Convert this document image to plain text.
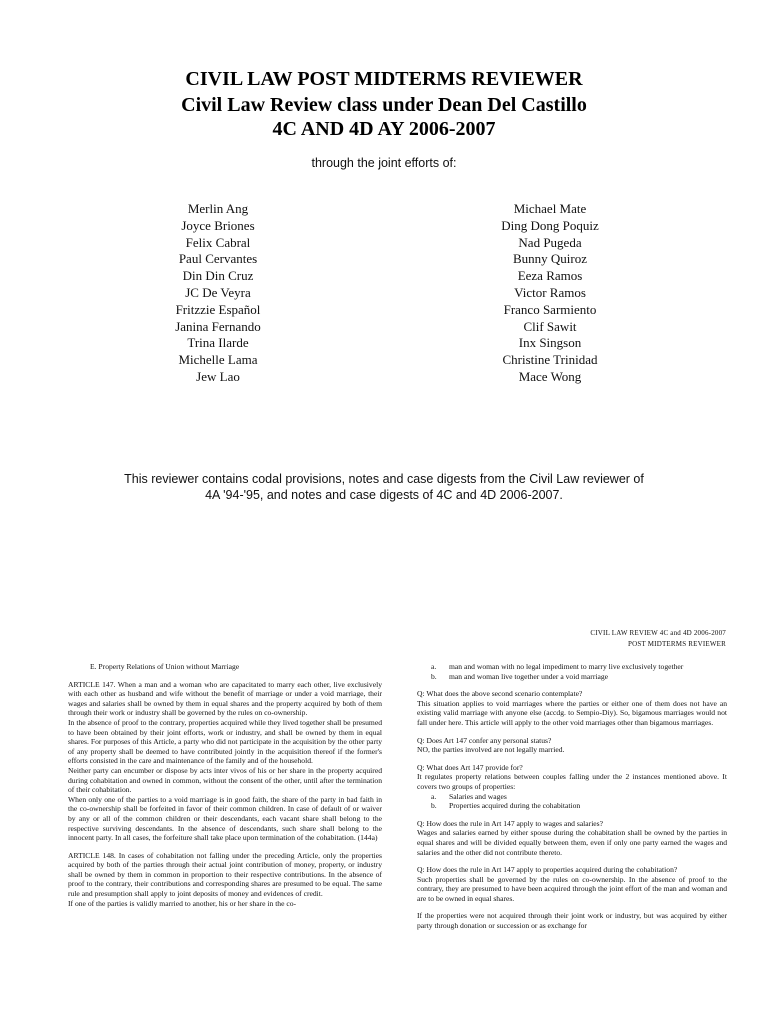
CIVIL LAW POST MIDTERMS REVIEWER
Civil Law Review class under Dean Del Castillo
4C AND 4D AY 2006-2007
through the joint efforts of:
Merlin Ang
Joyce Briones
Felix Cabral
Paul Cervantes
Din Din Cruz
JC De Veyra
Fritzzie Español
Janina Fernando
Trina Ilarde
Michelle Lama
Jew Lao
Michael Mate
Ding Dong Poquiz
Nad Pugeda
Bunny Quiroz
Eeza Ramos
Victor Ramos
Franco Sarmiento
Clif Sawit
Inx Singson
Christine Trinidad
Mace Wong
This reviewer contains codal provisions, notes and case digests from the Civil Law reviewer of
4A '94-'95, and notes and case digests of 4C and 4D 2006-2007.
CIVIL LAW REVIEW 4C and 4D 2006-2007
POST MIDTERMS REVIEWER

E. Property Relations of Union without Marriage

ARTICLE 147. When a man and a woman who are capacitated to marry each other, live exclusively with each other as husband and wife without the benefit of marriage or under a void marriage, their wages and salaries shall be owned by them in equal shares and the property acquired by both of them through their work or industry shall be governed by the rules on co-ownership.

In the absence of proof to the contrary, properties acquired while they lived together shall be presumed to have been obtained by their joint efforts, work or industry, and shall be owned by them in equal shares. For purposes of this Article, a party who did not participate in the acquisition by the other party of any property shall be deemed to have contributed jointly in the acquisition thereof if the former's efforts consisted in the care and maintenance of the family and of the household.

Neither party can encumber or dispose by acts inter vivos of his or her share in the property acquired during cohabitation and owned in common, without the consent of the other, until after the termination of their cohabitation.

When only one of the parties to a void marriage is in good faith, the share of the party in bad faith in the co-ownership shall be forfeited in favor of their common children. In case of default of or waiver by any or all of the common children or their descendants, each vacant share shall belong to the respective surviving descendants. In the absence of descendants, such share shall belong to the innocent party. In all cases, the forfeiture shall take place upon termination of the cohabitation. (144a)

ARTICLE 148. In cases of cohabitation not falling under the preceding Article, only the properties acquired by both of the parties through their actual joint contribution of money, property, or industry shall be owned by them in common in proportion to their respective contributions. In the absence of proof to the contrary, their contributions and corresponding shares are presumed to be equal. The same rule and presumption shall apply to joint deposits of money and evidences of credit.

If one of the parties is validly married to another, his or her share in the co-

a.	man and woman with no legal impediment to marry live exclusively together
b.	man and woman live together under a void marriage

Q: What does the above second scenario contemplate?

This situation applies to void marriages where the parties or either one of them does not have an existing valid marriage with anyone else (accdg. to Sempio-Diy). So, bigamous marriages would not fall under here. This article will apply to the other void marriages other than bigamous marriages.

Q: Does Art 147 confer any personal status?

NO, the parties involved are not legally married.

Q: What does Art 147 provide for?

It regulates property relations between couples falling under the 2 instances mentioned above. It covers two groups of properties:

a.	Salaries and wages
b.	Properties acquired during the cohabitation

Q: How does the rule in Art 147 apply to wages and salaries?

Wages and salaries earned by either spouse during the cohabitation shall be owned by the parties in equal shares and will be divided equally between them, even if only one party earned the wages and salaries and the other did not contribute thereto.

Q: How does the rule in Art 147 apply to properties acquired during the cohabitation?

Such properties shall be governed by the rules on co-ownership. In the absence of proof to the contrary, they are presumed to have been acquired through the joint effort of the man and woman and are to be owned in equal shares.

If the properties were not acquired through their joint work or industry, but was acquired by either party through donation or succession or as exchange for
